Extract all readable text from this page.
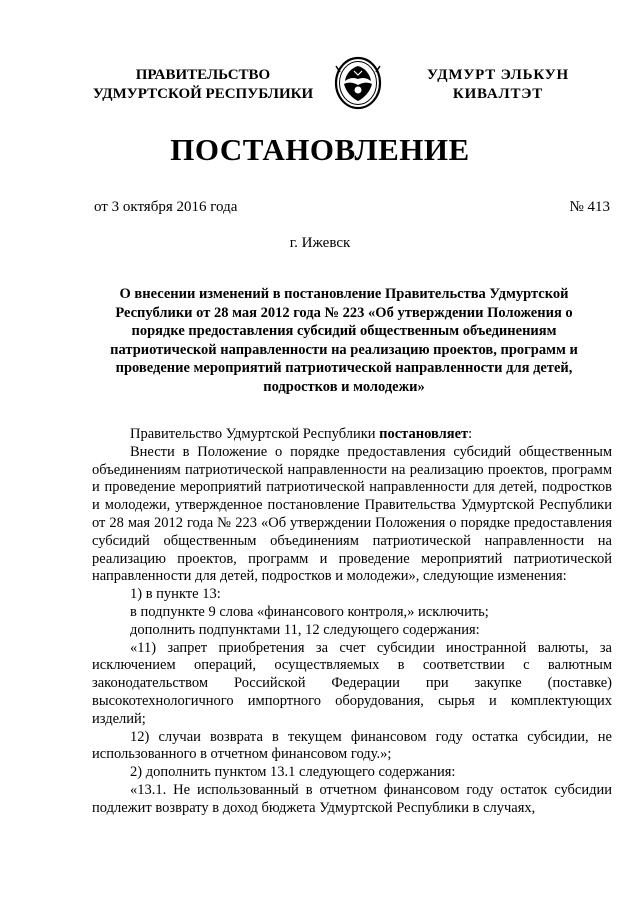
ПРАВИТЕЛЬСТВО
УДМУРТСКОЙ РЕСПУБЛИКИ
УДМУРТ ЭЛЬКУН
КИВАЛТЭТ
ПОСТАНОВЛЕНИЕ
от 3 октября 2016 года	№ 413
г. Ижевск
О внесении изменений в постановление Правительства Удмуртской Республики от 28 мая 2012 года № 223 «Об утверждении Положения о порядке предоставления субсидий общественным объединениям патриотической направленности на реализацию проектов, программ и проведение мероприятий патриотической направленности для детей, подростков и молодежи»

Правительство Удмуртской Республики постановляет:

Внести в Положение о порядке предоставления субсидий общественным объединениям патриотической направленности на реализацию проектов, программ и проведение мероприятий патриотической направленности для детей, подростков и молодежи, утвержденное постановление Правительства Удмуртской Республики от 28 мая 2012 года № 223 «Об утверждении Положения о порядке предоставления субсидий общественным объединениям патриотической направленности на реализацию проектов, программ и проведение мероприятий патриотической направленности для детей, подростков и молодежи», следующие изменения:

1) в пункте 13:

в подпункте 9 слова «финансового контроля,» исключить;

дополнить подпунктами 11, 12 следующего содержания:

«11) запрет приобретения за счет субсидии иностранной валюты, за исключением операций, осуществляемых в соответствии с валютным законодательством Российской Федерации при закупке (поставке) высокотехнологичного импортного оборудования, сырья и комплектующих изделий;

12) случаи возврата в текущем финансовом году остатка субсидии, не использованного в отчетном финансовом году.»;

2) дополнить пунктом 13.1 следующего содержания:

«13.1. Не использованный в отчетном финансовом году остаток субсидии подлежит возврату в доход бюджета Удмуртской Республики в случаях,
